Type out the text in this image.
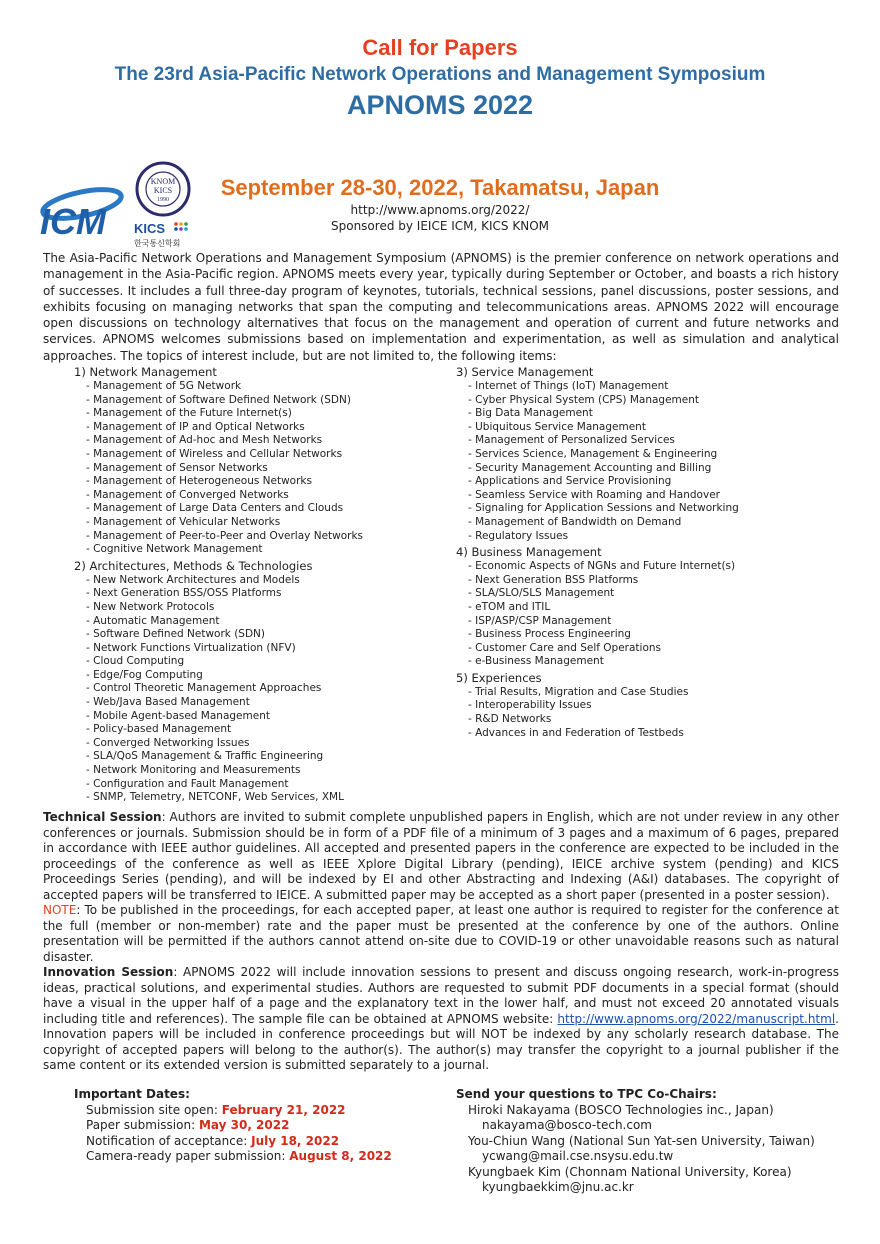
Call for Papers
The 23rd Asia-Pacific Network Operations and Management Symposium
APNOMS 2022
ICM
KNOM
KICS
1990
KICS
한국통신학회
September 28-30, 2022, Takamatsu, Japan
http://www.apnoms.org/2022/
Sponsored by IEICE ICM, KICS KNOM
The Asia-Pacific Network Operations and Management Symposium (APNOMS) is the premier conference on network operations and management in the Asia-Pacific region. APNOMS meets every year, typically during September or October, and boasts a rich history of successes. It includes a full three-day program of keynotes, tutorials, technical sessions, panel discussions, poster sessions, and exhibits focusing on managing networks that span the computing and telecommunications areas. APNOMS 2022 will encourage open discussions on technology alternatives that focus on the management and operation of current and future networks and services. APNOMS welcomes submissions based on implementation and experimentation, as well as simulation and analytical approaches. The topics of interest include, but are not limited to, the following items:
1) Network Management
- Management of 5G Network
- Management of Software Defined Network (SDN)
- Management of the Future Internet(s)
- Management of IP and Optical Networks
- Management of Ad-hoc and Mesh Networks
- Management of Wireless and Cellular Networks
- Management of Sensor Networks
- Management of Heterogeneous Networks
- Management of Converged Networks
- Management of Large Data Centers and Clouds
- Management of Vehicular Networks
- Management of Peer-to-Peer and Overlay Networks
- Cognitive Network Management
2) Architectures, Methods & Technologies
- New Network Architectures and Models
- Next Generation BSS/OSS Platforms
- New Network Protocols
- Automatic Management
- Software Defined Network (SDN)
- Network Functions Virtualization (NFV)
- Cloud Computing
- Edge/Fog Computing
- Control Theoretic Management Approaches
- Web/Java Based Management
- Mobile Agent-based Management
- Policy-based Management
- Converged Networking Issues
- SLA/QoS Management & Traffic Engineering
- Network Monitoring and Measurements
- Configuration and Fault Management
- SNMP, Telemetry, NETCONF, Web Services, XML
3) Service Management
- Internet of Things (IoT) Management
- Cyber Physical System (CPS) Management
- Big Data Management
- Ubiquitous Service Management
- Management of Personalized Services
- Services Science, Management & Engineering
- Security Management Accounting and Billing
- Applications and Service Provisioning
- Seamless Service with Roaming and Handover
- Signaling for Application Sessions and Networking
- Management of Bandwidth on Demand
- Regulatory Issues
4) Business Management
- Economic Aspects of NGNs and Future Internet(s)
- Next Generation BSS Platforms
- SLA/SLO/SLS Management
- eTOM and ITIL
- ISP/ASP/CSP Management
- Business Process Engineering
- Customer Care and Self Operations
- e-Business Management
5) Experiences
- Trial Results, Migration and Case Studies
- Interoperability Issues
- R&D Networks
- Advances in and Federation of Testbeds

Technical Session: Authors are invited to submit complete unpublished papers in English, which are not under review in any other conferences or journals. Submission should be in form of a PDF file of a minimum of 3 pages and a maximum of 6 pages, prepared in accordance with IEEE author guidelines. All accepted and presented papers in the conference are expected to be included in the proceedings of the conference as well as IEEE Xplore Digital Library (pending), IEICE archive system (pending) and KICS Proceedings Series (pending), and will be indexed by EI and other Abstracting and Indexing (A&I) databases. The copyright of accepted papers will be transferred to IEICE. A submitted paper may be accepted as a short paper (presented in a poster session).
NOTE: To be published in the proceedings, for each accepted paper, at least one author is required to register for the conference at the full (member or non-member) rate and the paper must be presented at the conference by one of the authors. Online presentation will be permitted if the authors cannot attend on-site due to COVID-19 or other unavoidable reasons such as natural disaster.

Innovation Session: APNOMS 2022 will include innovation sessions to present and discuss ongoing research, work-in-progress ideas, practical solutions, and experimental studies. Authors are requested to submit PDF documents in a special format (should have a visual in the upper half of a page and the explanatory text in the lower half, and must not exceed 20 annotated visuals including title and references). The sample file can be obtained at APNOMS website: http://www.apnoms.org/2022/manuscript.html. Innovation papers will be included in conference proceedings but will NOT be indexed by any scholarly research database. The copyright of accepted papers will belong to the author(s). The author(s) may transfer the copyright to a journal publisher if the same content or its extended version is submitted separately to a journal.

Important Dates:
Submission site open: February 21, 2022
Paper submission: May 30, 2022
Notification of acceptance: July 18, 2022
Camera-ready paper submission: August 8, 2022
Send your questions to TPC Co-Chairs:
Hiroki Nakayama (BOSCO Technologies inc., Japan)
nakayama@bosco-tech.com
You-Chiun Wang (National Sun Yat-sen University, Taiwan)
ycwang@mail.cse.nsysu.edu.tw
Kyungbaek Kim (Chonnam National University, Korea)
kyungbaekkim@jnu.ac.kr
